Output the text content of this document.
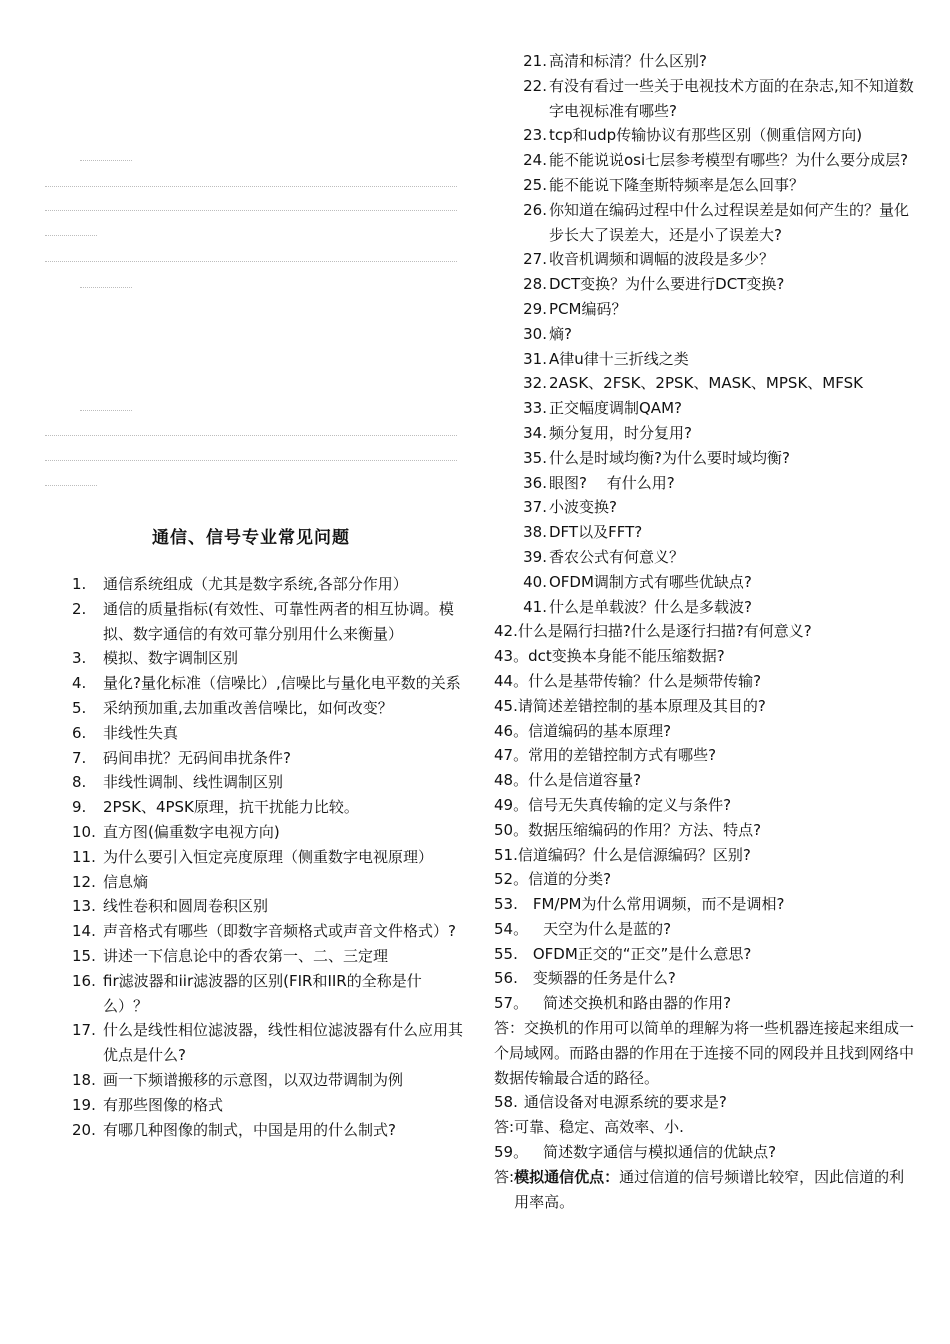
通信、信号专业常见问题
1.	通信系统组成（尤其是数字系统,各部分作用）
2.	通信的质量指标(有效性、可靠性两者的相互协调。模拟、数字通信的有效可靠分别用什么来衡量）
3.	模拟、数字调制区别
4.	量化?量化标准（信噪比）,信噪比与量化电平数的关系
5.	采纳预加重,去加重改善信噪比，如何改变？
6.	非线性失真
7.	码间串扰？无码间串扰条件?
8.	非线性调制、线性调制区别
9.	2PSK、4PSK原理，抗干扰能力比较。
10. 直方图(偏重数字电视方向)
11. 为什么要引入恒定亮度原理（侧重数字电视原理）
12. 信息熵
13. 线性卷积和圆周卷积区别
14. 声音格式有哪些（即数字音频格式或声音文件格式）?
15. 讲述一下信息论中的香农第一、二、三定理
16. fir滤波器和iir滤波器的区别(FIR和IIR的全称是什么）？
17. 什么是线性相位滤波器，线性相位滤波器有什么应用其优点是什么?
18. 画一下频谱搬移的示意图，以双边带调制为例
19. 有那些图像的格式
20. 有哪几种图像的制式，中国是用的什么制式?
21. 高清和标清？什么区别?
22. 有没有看过一些关于电视技术方面的在杂志,知不知道数字电视标准有哪些?
23. tcp和udp传输协议有那些区别（侧重信网方向)
24. 能不能说说osi七层参考模型有哪些？为什么要分成层?
25. 能不能说下隆奎斯特频率是怎么回事？
26. 你知道在编码过程中什么过程误差是如何产生的？量化步长大了误差大，还是小了误差大?
27. 收音机调频和调幅的波段是多少？
28. DCT变换？为什么要进行DCT变换?
29. PCM编码？
30. 熵?
31. A律u律十三折线之类
32. 2ASK、2FSK、2PSK、MASK、MPSK、MFSK
33. 正交幅度调制QAM?
34. 频分复用，时分复用?
35. 什么是时域均衡?为什么要时域均衡?
36. 眼图?　 有什么用?
37. 小波变换?
38. DFT以及FFT?
39. 香农公式有何意义？
40. OFDM调制方式有哪些优缺点?
41. 什么是单载波？什么是多载波?
42. 什么是隔行扫描?什么是逐行扫描?有何意义?
43。 dct变换本身能不能压缩数据?
44。 什么是基带传输？什么是频带传输?
45. 请简述差错控制的基本原理及其目的?
46。 信道编码的基本原理?
47。 常用的差错控制方式有哪些?
48。 什么是信道容量?
49。 信号无失真传输的定义与条件?
50。 数据压缩编码的作用？方法、特点?
51. 信道编码？什么是信源编码？区别?
52。 信道的分类?
53. 　FM/PM为什么常用调频，而不是调相?
54。 　天空为什么是蓝的?
55. 　OFDM正交的“正交”是什么意思?
56. 　变频器的任务是什么?
57。 　简述交换机和路由器的作用?
答：交换机的作用可以简单的理解为将一些机器连接起来组成一个局域网。而路由器的作用在于连接不同的网段并且找到网络中数据传输最合适的路径。
58. 通信设备对电源系统的要求是?
答: 可靠、稳定、高效率、小.
59。 　简述数字通信与模拟通信的优缺点?
答: 模拟通信优点：通过信道的信号频谱比较窄，因此信道的利用率高。
